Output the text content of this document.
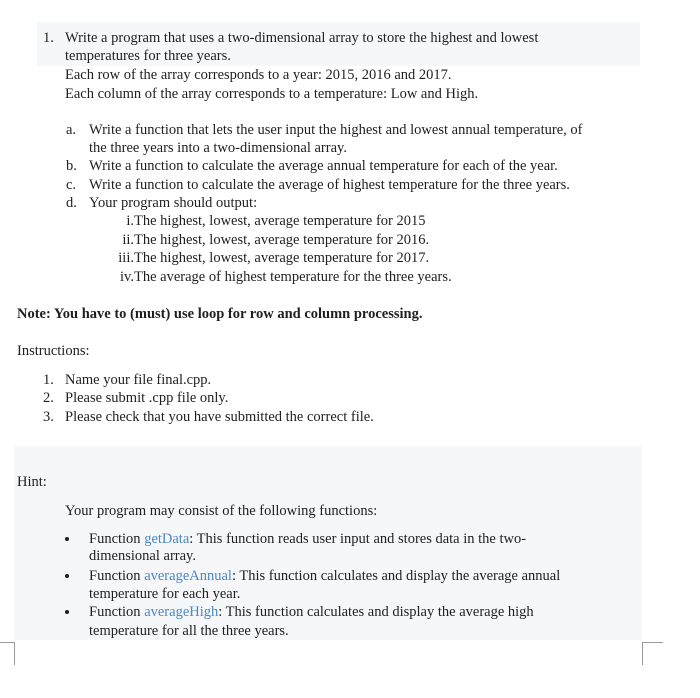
1. Write a program that uses a two-dimensional array to store the highest and lowest
temperatures for three years.
Each row of the array corresponds to a year: 2015, 2016 and 2017.
Each column of the array corresponds to a temperature: Low and High.
a. Write a function that lets the user input the highest and lowest annual temperature, of
the three years into a two-dimensional array.
b. Write a function to calculate the average annual temperature for each of the year.
c. Write a function to calculate the average of highest temperature for the three years.
d. Your program should output:
i. The highest, lowest, average temperature for 2015
ii. The highest, lowest, average temperature for 2016.
iii. The highest, lowest, average temperature for 2017.
iv. The average of highest temperature for the three years.
Note: You have to (must) use loop for row and column processing.
Instructions:
1. Name your file final.cpp.
2. Please submit .cpp file only.
3. Please check that you have submitted the correct file.
Hint:
Your program may consist of the following functions:
Function getData: This function reads user input and stores data in the two-
dimensional array.
Function averageAnnual: This function calculates and display the average annual
temperature for each year.
Function averageHigh: This function calculates and display the average high
temperature for all the three years.
